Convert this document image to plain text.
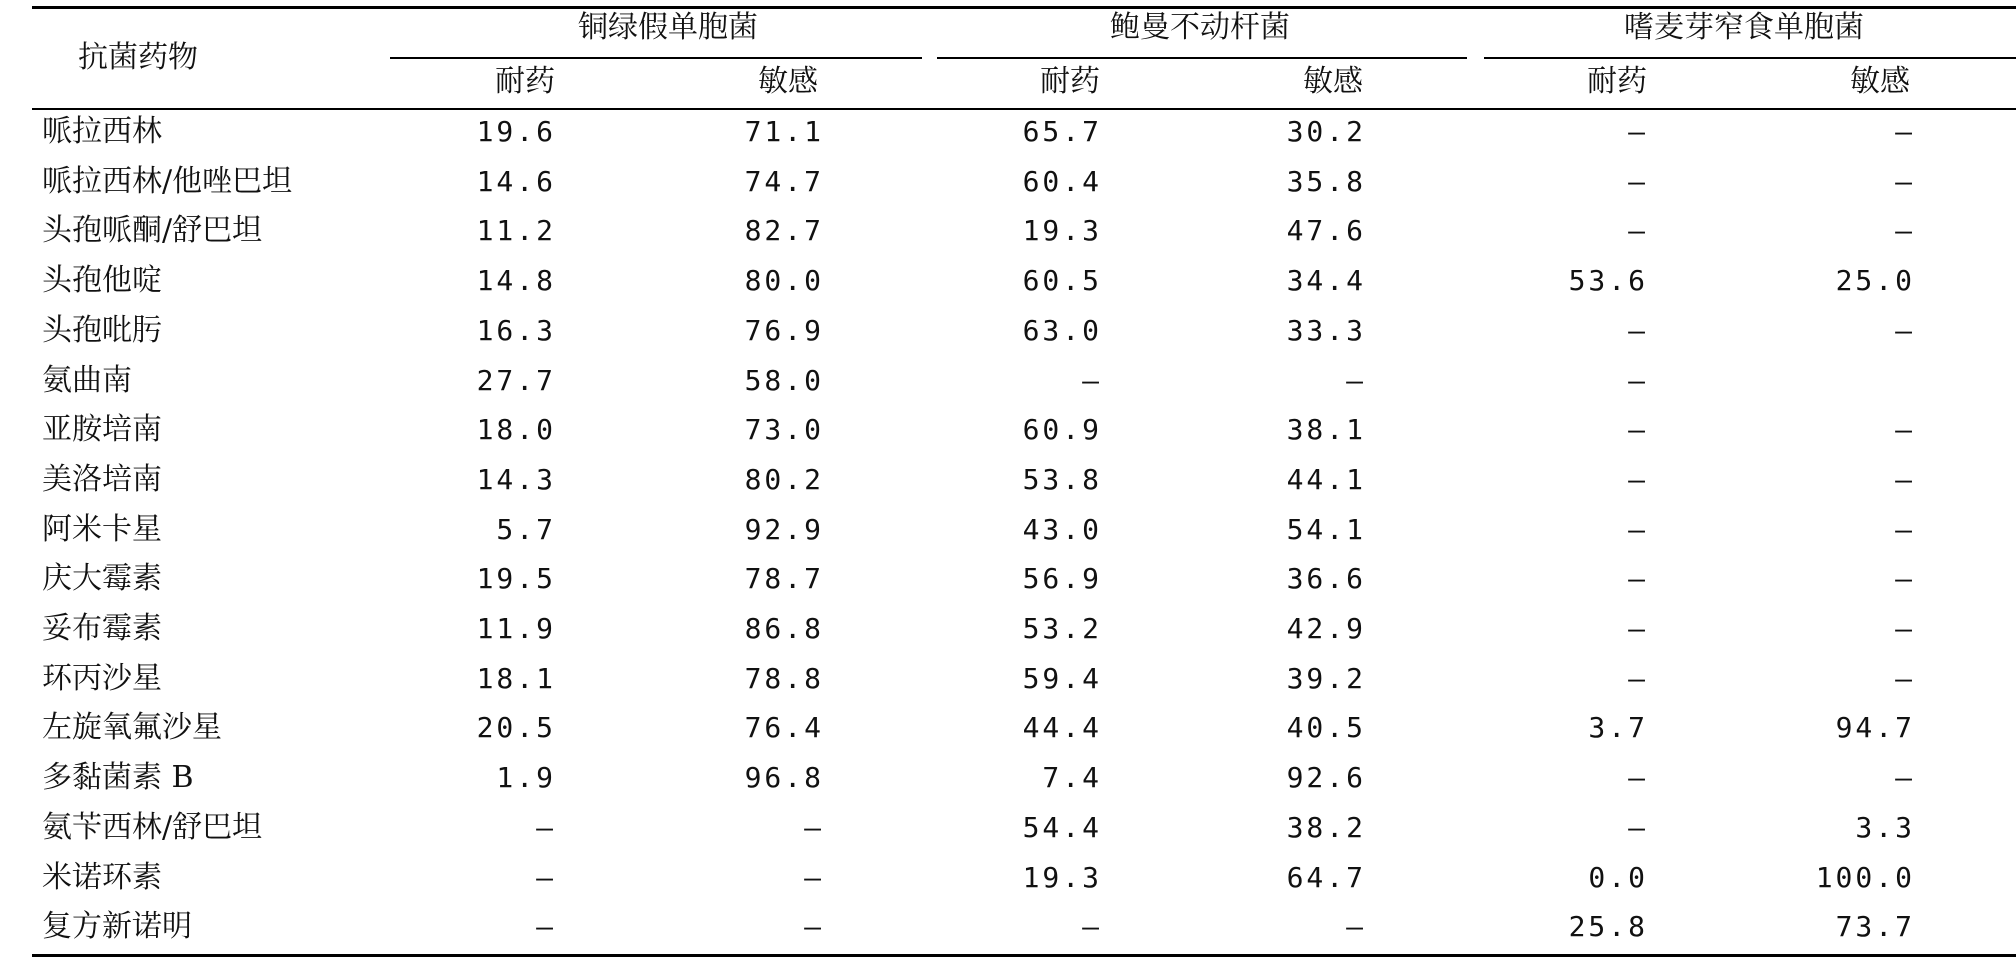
抗菌药物
铜绿假单胞菌
耐药	敏感
鲍曼不动杆菌
耐药	敏感
嗜麦芽窄食单胞菌
耐药	敏感
哌拉西林	19.6	71.1	65.7	30.2	—	—
哌拉西林/他唑巴坦	14.6	74.7	60.4	35.8	—	—
头孢哌酮/舒巴坦	11.2	82.7	19.3	47.6	—	—
头孢他啶	14.8	80.0	60.5	34.4	53.6	25.0
头孢吡肟	16.3	76.9	63.0	33.3	—	—
氨曲南	27.7	58.0	—	—	—
亚胺培南	18.0	73.0	60.9	38.1	—	—
美洛培南	14.3	80.2	53.8	44.1	—	—
阿米卡星	5.7	92.9	43.0	54.1	—	—
庆大霉素	19.5	78.7	56.9	36.6	—	—
妥布霉素	11.9	86.8	53.2	42.9	—	—
环丙沙星	18.1	78.8	59.4	39.2	—	—
左旋氧氟沙星	20.5	76.4	44.4	40.5	3.7	94.7
多黏菌素 B	1.9	96.8	7.4	92.6	—	—
氨苄西林/舒巴坦	—	—	54.4	38.2	—	3.3
米诺环素	—	—	19.3	64.7	0.0	100.0
复方新诺明	—	—	—	—	25.8	73.7
